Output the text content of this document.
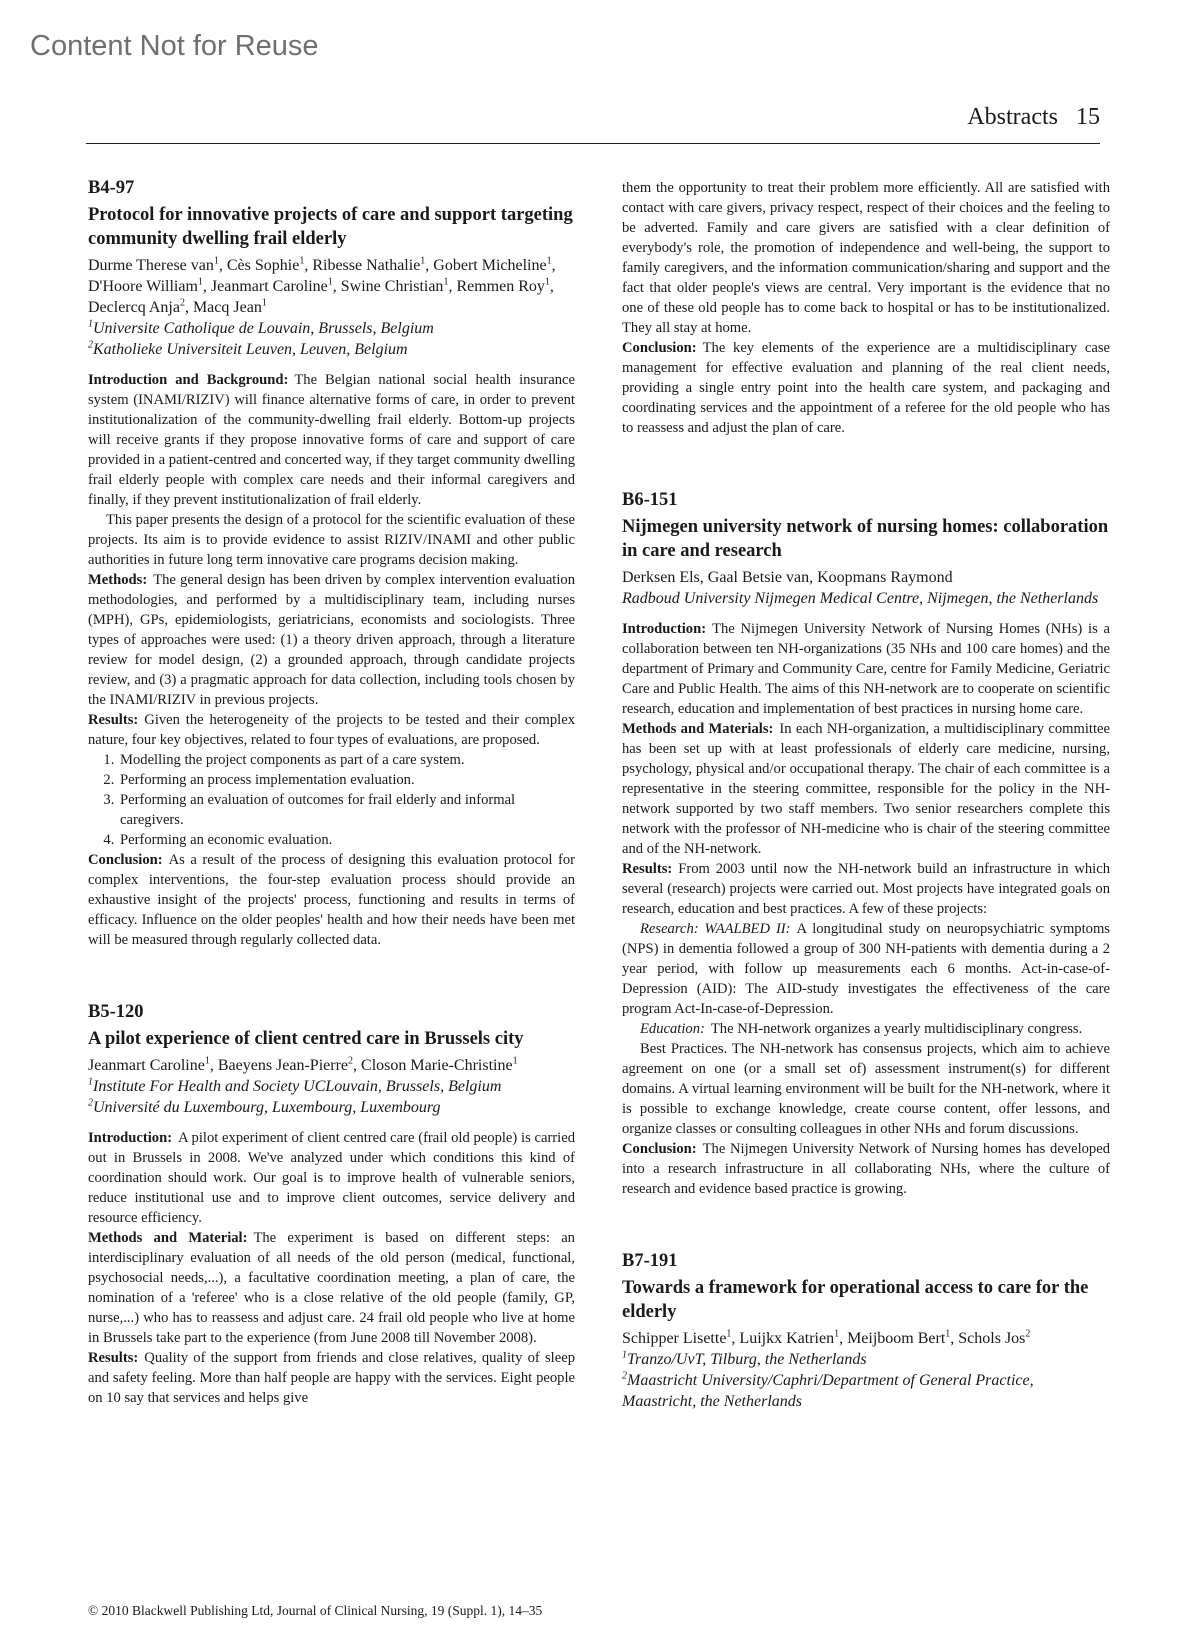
Content Not for Reuse
Abstracts 15
B4-97
Protocol for innovative projects of care and support targeting community dwelling frail elderly
Durme Therese van$^1$, Cès Sophie$^1$, Ribesse Nathalie$^1$, Gobert Micheline$^1$, D'Hoore William$^1$, Jeanmart Caroline$^1$, Swine Christian$^1$, Remmen Roy$^1$, Declercq Anja$^2$, Macq Jean$^1$
$^1$Universite Catholique de Louvain, Brussels, Belgium
$^2$Katholieke Universiteit Leuven, Leuven, Belgium

Introduction and Background: The Belgian national social health insurance system (INAMI/RIZIV) will finance alternative forms of care, in order to prevent institutionalization of the community-dwelling frail elderly. Bottom-up projects will receive grants if they propose innovative forms of care and support of care provided in a patient-centred and concerted way, if they target community dwelling frail elderly people with complex care needs and their informal caregivers and finally, if they prevent institutionalization of frail elderly.

This paper presents the design of a protocol for the scientific evaluation of these projects. Its aim is to provide evidence to assist RIZIV/INAMI and other public authorities in future long term innovative care programs decision making.

Methods: The general design has been driven by complex intervention evaluation methodologies, and performed by a multidisciplinary team, including nurses (MPH), GPs, epidemiologists, geriatricians, economists and sociologists. Three types of approaches were used: (1) a theory driven approach, through a literature review for model design, (2) a grounded approach, through candidate projects review, and (3) a pragmatic approach for data collection, including tools chosen by the INAMI/RIZIV in previous projects.

Results: Given the heterogeneity of the projects to be tested and their complex nature, four key objectives, related to four types of evaluations, are proposed.

1. Modelling the project components as part of a care system.
2. Performing an process implementation evaluation.
3. Performing an evaluation of outcomes for frail elderly and informal caregivers.
4. Performing an economic evaluation.

Conclusion: As a result of the process of designing this evaluation protocol for complex interventions, the four-step evaluation process should provide an exhaustive insight of the projects' process, functioning and results in terms of efficacy. Influence on the older peoples' health and how their needs have been met will be measured through regularly collected data.

B5-120
A pilot experience of client centred care in Brussels city
Jeanmart Caroline$^1$, Baeyens Jean-Pierre$^2$, Closon Marie-Christine$^1$
$^1$Institute For Health and Society UCLouvain, Brussels, Belgium
$^2$Université du Luxembourg, Luxembourg, Luxembourg

Introduction: A pilot experiment of client centred care (frail old people) is carried out in Brussels in 2008. We've analyzed under which conditions this kind of coordination should work. Our goal is to improve health of vulnerable seniors, reduce institutional use and to improve client outcomes, service delivery and resource efficiency.

Methods and Material: The experiment is based on different steps: an interdisciplinary evaluation of all needs of the old person (medical, functional, psychosocial needs,...), a facultative coordination meeting, a plan of care, the nomination of a 'referee' who is a close relative of the old people (family, GP, nurse,...) who has to reassess and adjust care. 24 frail old people who live at home in Brussels take part to the experience (from June 2008 till November 2008).

Results: Quality of the support from friends and close relatives, quality of sleep and safety feeling. More than half people are happy with the services. Eight people on 10 say that services and helps give

them the opportunity to treat their problem more efficiently. All are satisfied with contact with care givers, privacy respect, respect of their choices and the feeling to be adverted. Family and care givers are satisfied with a clear definition of everybody's role, the promotion of independence and well-being, the support to family caregivers, and the information communication/sharing and support and the fact that older people's views are central. Very important is the evidence that no one of these old people has to come back to hospital or has to be institutionalized. They all stay at home.

Conclusion: The key elements of the experience are a multidisciplinary case management for effective evaluation and planning of the real client needs, providing a single entry point into the health care system, and packaging and coordinating services and the appointment of a referee for the old people who has to reassess and adjust the plan of care.

B6-151
Nijmegen university network of nursing homes: collaboration in care and research
Derksen Els, Gaal Betsie van, Koopmans Raymond
Radboud University Nijmegen Medical Centre, Nijmegen, the Netherlands

Introduction: The Nijmegen University Network of Nursing Homes (NHs) is a collaboration between ten NH-organizations (35 NHs and 100 care homes) and the department of Primary and Community Care, centre for Family Medicine, Geriatric Care and Public Health. The aims of this NH-network are to cooperate on scientific research, education and implementation of best practices in nursing home care.

Methods and Materials: In each NH-organization, a multidisciplinary committee has been set up with at least professionals of elderly care medicine, nursing, psychology, physical and/or occupational therapy. The chair of each committee is a representative in the steering committee, responsible for the policy in the NH-network supported by two staff members. Two senior researchers complete this network with the professor of NH-medicine who is chair of the steering committee and of the NH-network.

Results: From 2003 until now the NH-network build an infrastructure in which several (research) projects were carried out. Most projects have integrated goals on research, education and best practices. A few of these projects:

Research: WAALBED II: A longitudinal study on neuropsychiatric symptoms (NPS) in dementia followed a group of 300 NH-patients with dementia during a 2 year period, with follow up measurements each 6 months. Act-in-case-of-Depression (AID): The AID-study investigates the effectiveness of the care program Act-In-case-of-Depression.

Education: The NH-network organizes a yearly multidisciplinary congress.

Best Practices. The NH-network has consensus projects, which aim to achieve agreement on one (or a small set of) assessment instrument(s) for different domains. A virtual learning environment will be built for the NH-network, where it is possible to exchange knowledge, create course content, offer lessons, and organize classes or consulting colleagues in other NHs and forum discussions.

Conclusion: The Nijmegen University Network of Nursing homes has developed into a research infrastructure in all collaborating NHs, where the culture of research and evidence based practice is growing.

B7-191
Towards a framework for operational access to care for the elderly
Schipper Lisette$^1$, Luijkx Katrien$^1$, Meijboom Bert$^1$, Schols Jos$^2$
$^1$Tranzo/UvT, Tilburg, the Netherlands
$^2$Maastricht University/Caphri/Department of General Practice, Maastricht, the Netherlands
© 2010 Blackwell Publishing Ltd, Journal of Clinical Nursing, 19 (Suppl. 1), 14–35
